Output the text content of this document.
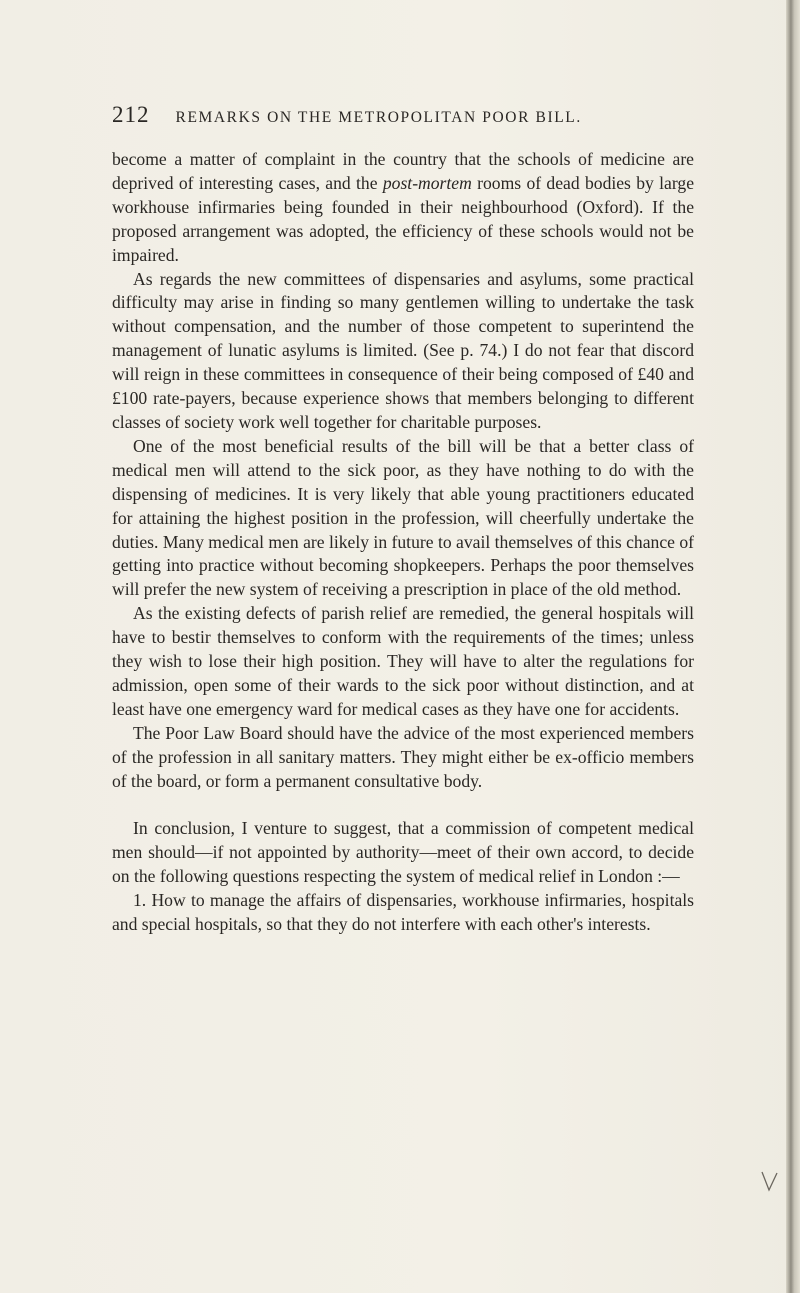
212 REMARKS ON THE METROPOLITAN POOR BILL.

become a matter of complaint in the country that the schools of medicine are deprived of interesting cases, and the post-mortem rooms of dead bodies by large workhouse infirmaries being founded in their neighbourhood (Oxford). If the proposed arrangement was adopted, the efficiency of these schools would not be impaired.

As regards the new committees of dispensaries and asylums, some practical difficulty may arise in finding so many gentlemen willing to undertake the task without compensation, and the number of those competent to superintend the management of lunatic asylums is limited. (See p. 74.) I do not fear that discord will reign in these committees in consequence of their being composed of £40 and £100 rate-payers, because experience shows that members belonging to different classes of society work well together for charitable purposes.

One of the most beneficial results of the bill will be that a better class of medical men will attend to the sick poor, as they have nothing to do with the dispensing of medicines. It is very likely that able young practitioners educated for attaining the highest position in the profession, will cheerfully undertake the duties. Many medical men are likely in future to avail themselves of this chance of getting into practice without becoming shopkeepers. Perhaps the poor themselves will prefer the new system of receiving a prescription in place of the old method.

As the existing defects of parish relief are remedied, the general hospitals will have to bestir themselves to conform with the requirements of the times; unless they wish to lose their high position. They will have to alter the regulations for admission, open some of their wards to the sick poor without distinction, and at least have one emergency ward for medical cases as they have one for accidents.

The Poor Law Board should have the advice of the most experienced members of the profession in all sanitary matters. They might either be ex-officio members of the board, or form a permanent consultative body.

In conclusion, I venture to suggest, that a commission of competent medical men should—if not appointed by authority—meet of their own accord, to decide on the following questions respecting the system of medical relief in London :—

1. How to manage the affairs of dispensaries, workhouse infirmaries, hospitals and special hospitals, so that they do not interfere with each other's interests.
